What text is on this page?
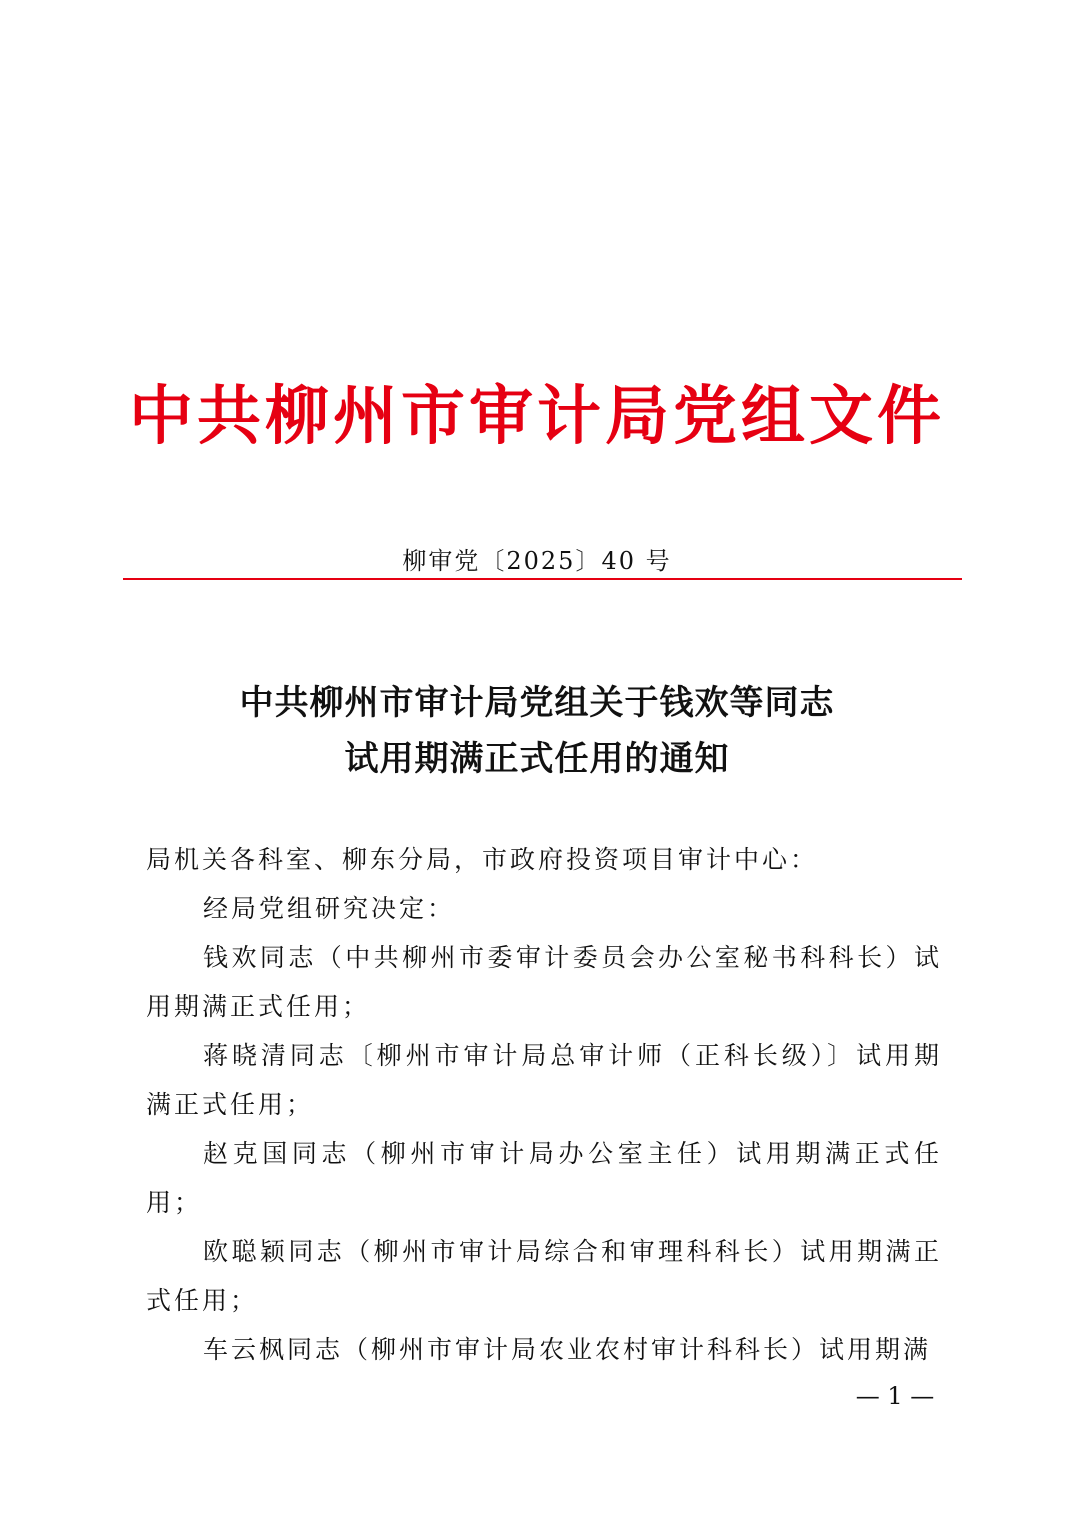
中共柳州市审计局党组文件
柳审党〔2025〕40 号
中共柳州市审计局党组关于钱欢等同志
试用期满正式任用的通知
局机关各科室、柳东分局，市政府投资项目审计中心：
经局党组研究决定：
钱欢同志（中共柳州市委审计委员会办公室秘书科科长）试用期满正式任用；
蒋晓清同志〔柳州市审计局总审计师（正科长级）〕试用期满正式任用；
赵克国同志（柳州市审计局办公室主任）试用期满正式任用；
欧聪颖同志（柳州市审计局综合和审理科科长）试用期满正式任用；
车云枫同志（柳州市审计局农业农村审计科科长）试用期满
— 1 —
